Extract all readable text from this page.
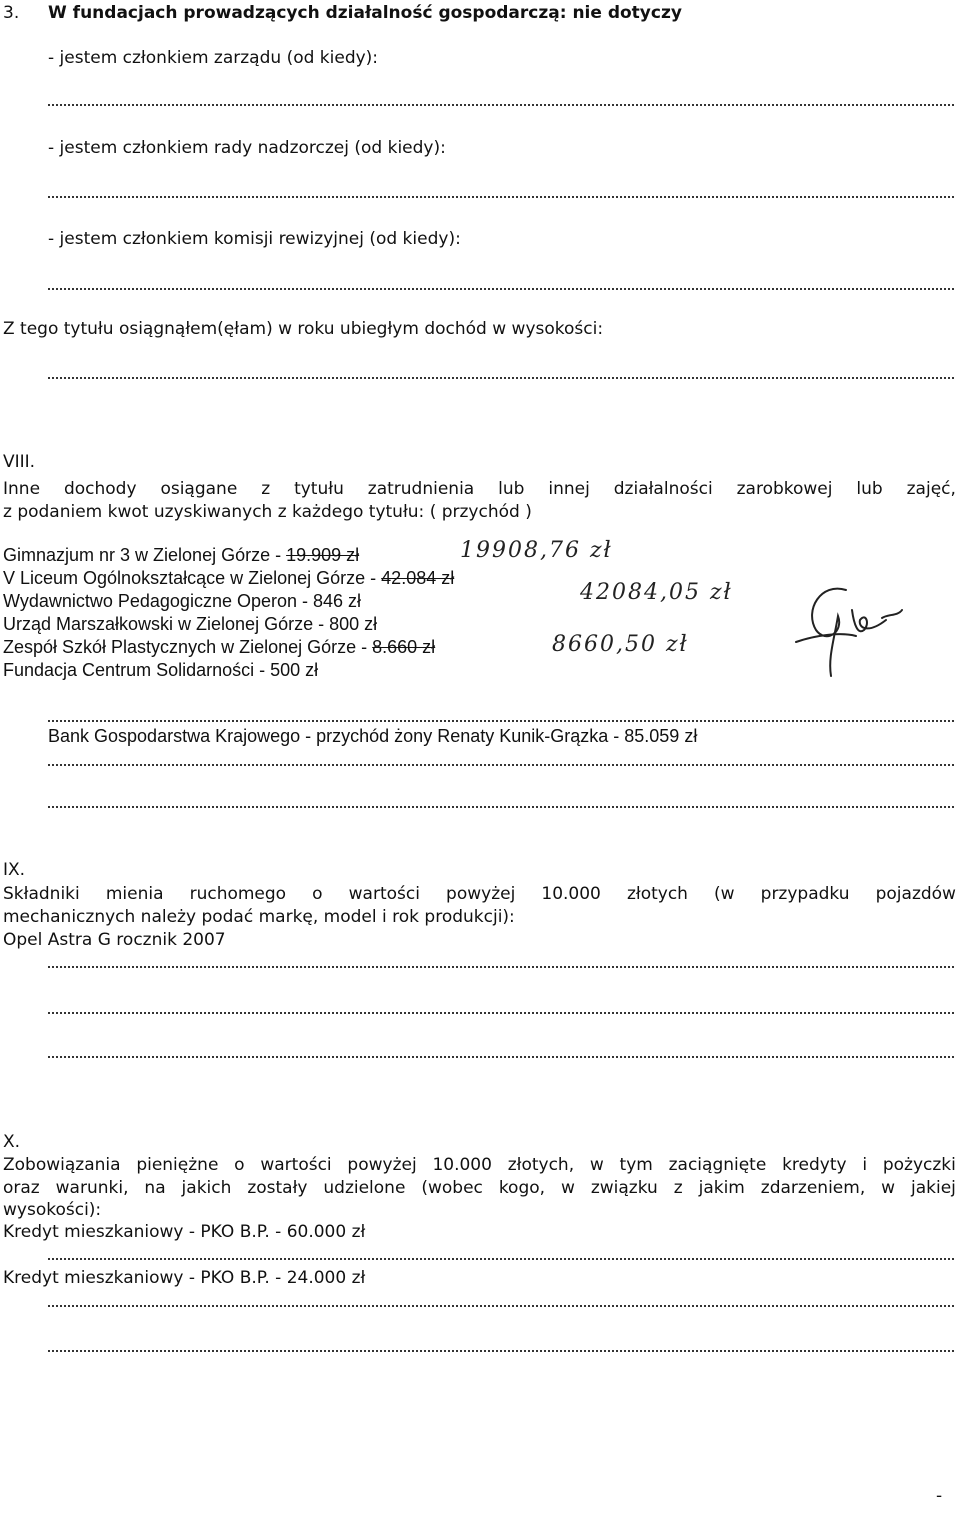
3. W fundacjach prowadzących działalność gospodarczą: nie dotyczy
- jestem członkiem zarządu (od kiedy):
- jestem członkiem rady nadzorczej (od kiedy):
- jestem członkiem komisji rewizyjnej (od kiedy):
Z tego tytułu osiągnąłem(ęłam) w roku ubiegłym dochód w wysokości:
VIII.
Inne dochody osiągane z tytułu zatrudnienia lub innej działalności zarobkowej lub zajęć,
z podaniem kwot uzyskiwanych z każdego tytułu: ( przychód )
Gimnazjum nr 3 w Zielonej Górze - 19.909 zł	19908,76 zł
V Liceum Ogólnokształcące w Zielonej Górze - 42.084 zł
42084,05 zł
Wydawnictwo Pedagogiczne Operon - 846 zł
Urząd Marszałkowski w Zielonej Górze - 800 zł
Zespół Szkół Plastycznych w Zielonej Górze - 8.660 zł	8660,50 zł
Fundacja Centrum Solidarności - 500 zł
Bank Gospodarstwa Krajowego - przychód żony Renaty Kunik-Grązka - 85.059 zł
IX.
Składniki mienia ruchomego o wartości powyżej 10.000 złotych (w przypadku pojazdów
mechanicznych należy podać markę, model i rok produkcji):
Opel Astra G rocznik 2007
X.
Zobowiązania pieniężne o wartości powyżej 10.000 złotych, w tym zaciągnięte kredyty i pożyczki
oraz warunki, na jakich zostały udzielone (wobec kogo, w związku z jakim zdarzeniem, w jakiej
wysokości):
Kredyt mieszkaniowy - PKO B.P. - 60.000 zł
Kredyt mieszkaniowy - PKO B.P. - 24.000 zł
-
